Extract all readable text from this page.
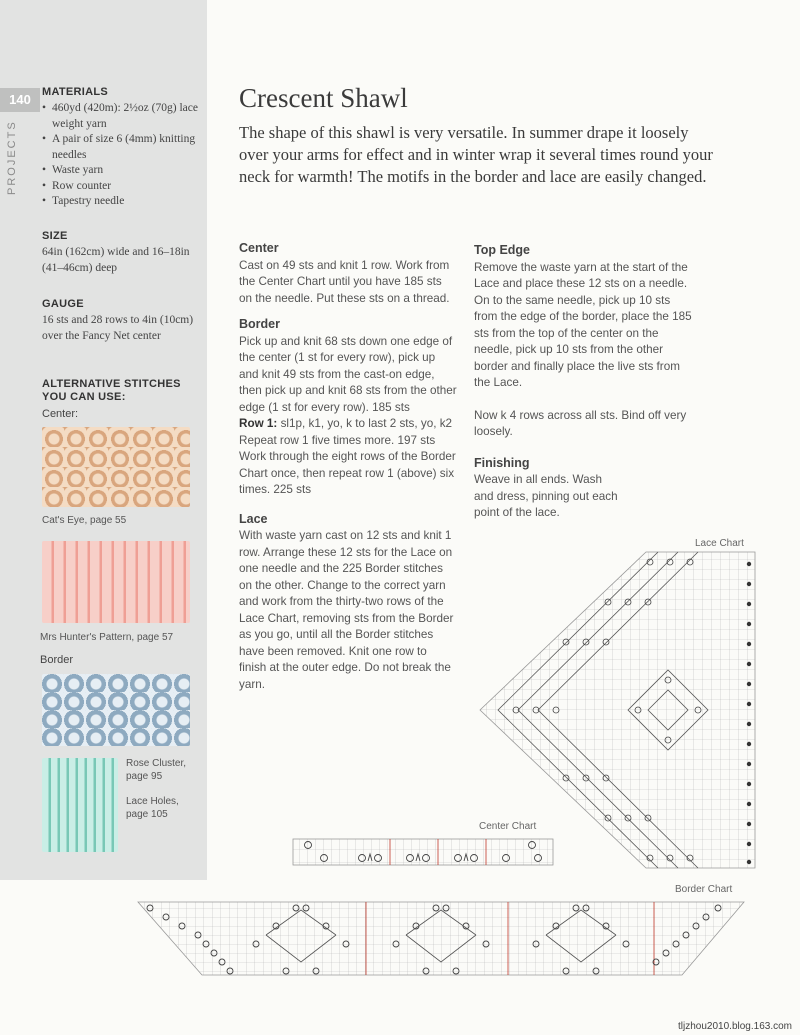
140
PROJECTS
MATERIALS
• 460yd (420m): 2½oz (70g) lace weight yarn
• A pair of size 6 (4mm) knitting needles
• Waste yarn
• Row counter
• Tapestry needle
SIZE
64in (162cm) wide and 16–18in (41–46cm) deep
GAUGE
16 sts and 28 rows to 4in (10cm) over the Fancy Net center
ALTERNATIVE STITCHES YOU CAN USE:
Center:
Cat's Eye, page 55
Mrs Hunter's Pattern, page 57
Border
Rose Cluster, page 95
Lace Holes, page 105
Crescent Shawl

The shape of this shawl is very versatile. In summer drape it loosely over your arms for effect and in winter wrap it several times round your neck for warmth! The motifs in the border and lace are easily changed.

Center

Cast on 49 sts and knit 1 row. Work from the Center Chart until you have 185 sts on the needle. Put these sts on a thread.

Border

Pick up and knit 68 sts down one edge of the center (1 st for every row), pick up and knit 49 sts from the cast-on edge, then pick up and knit 68 sts from the other edge (1 st for every row). 185 sts

Row 1: sl1p, k1, yo, k to last 2 sts, yo, k2

Repeat row 1 five times more. 197 sts

Work through the eight rows of the Border Chart once, then repeat row 1 (above) six times. 225 sts

Lace

With waste yarn cast on 12 sts and knit 1 row. Arrange these 12 sts for the Lace on one needle and the 225 Border stitches on the other. Change to the correct yarn and work from the thirty-two rows of the Lace Chart, removing sts from the Border as you go, until all the Border stitches have been removed. Knit one row to finish at the outer edge. Do not break the yarn.

Top Edge

Remove the waste yarn at the start of the Lace and place these 12 sts on a needle. On to the same needle, pick up 10 sts from the edge of the border, place the 185 sts from the top of the center on the needle, pick up 10 sts from the other border and finally place the live sts from the Lace.

Now k 4 rows across all sts. Bind off very loosely.

Finishing

Weave in all ends. Wash and dress, pinning out each point of the lace.

Lace Chart
Center Chart
Border Chart
tljzhou2010.blog.163.com
